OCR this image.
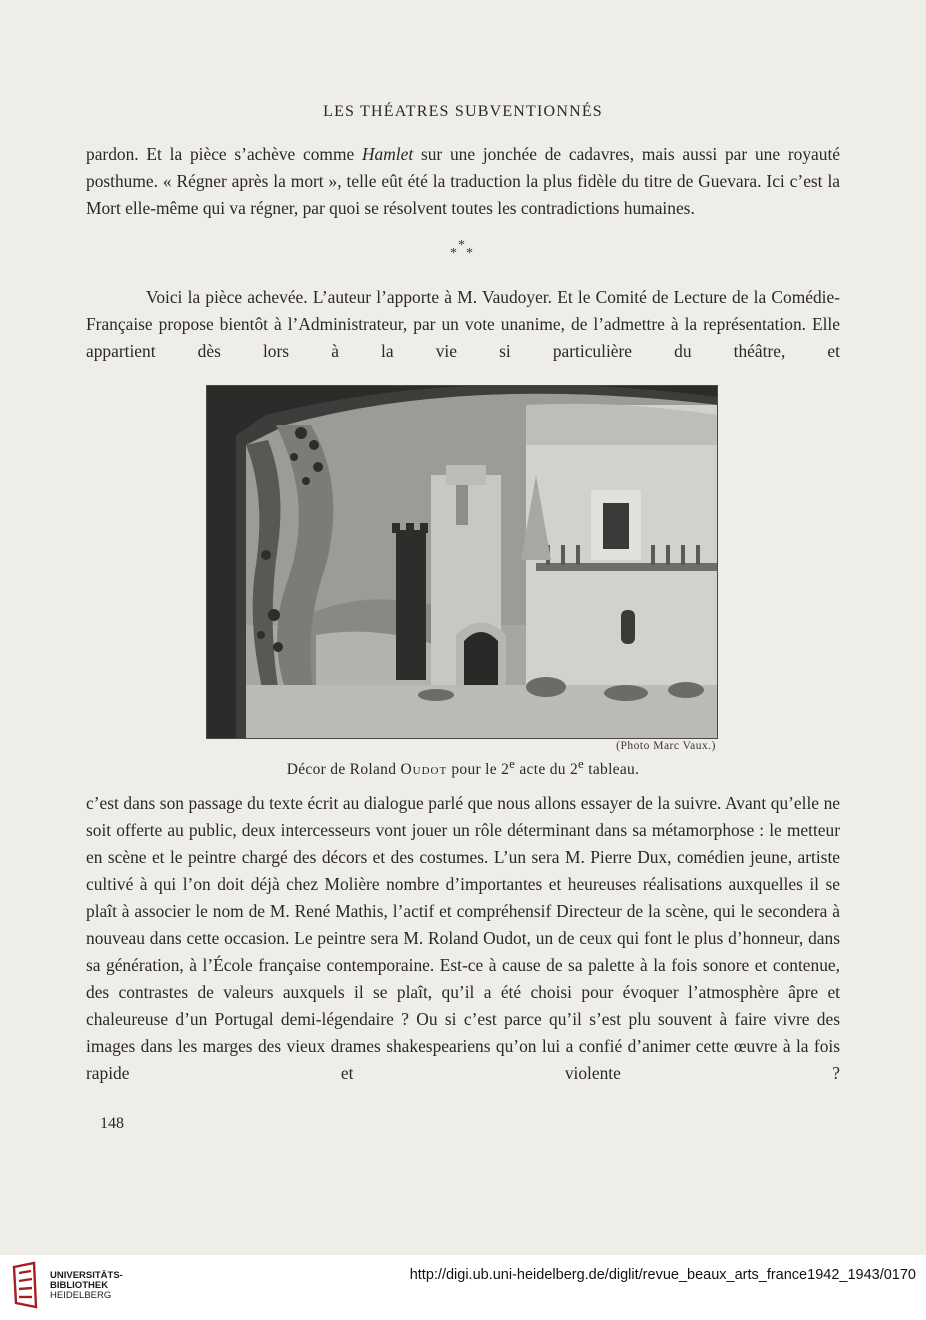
LES THÉATRES SUBVENTIONNÉS

pardon. Et la pièce s’achève comme Hamlet sur une jonchée de cadavres, mais aussi par une royauté posthume. « Régner après la mort », telle eût été la traduction la plus fidèle du titre de Guevara. Ici c’est la Mort elle-même qui va régner, par quoi se résolvent toutes les contradictions humaines.

*
* *

Voici la pièce achevée. L’auteur l’apporte à M. Vaudoyer. Et le Comité de Lecture de la Comédie-Française propose bientôt à l’Administrateur, par un vote unanime, de l’admettre à la représentation. Elle appartient dès lors à la vie si particulière du théâtre, et

(Photo Marc Vaux.)
Décor de Roland Oudot pour le 2e acte du 2e tableau.

c’est dans son passage du texte écrit au dialogue parlé que nous allons essayer de la suivre. Avant qu’elle ne soit offerte au public, deux intercesseurs vont jouer un rôle déterminant dans sa métamorphose : le metteur en scène et le peintre chargé des décors et des costumes. L’un sera M. Pierre Dux, comédien jeune, artiste cultivé à qui l’on doit déjà chez Molière nombre d’importantes et heureuses réalisations auxquelles il se plaît à associer le nom de M. René Mathis, l’actif et compréhensif Directeur de la scène, qui le secondera à nouveau dans cette occasion. Le peintre sera M. Roland Oudot, un de ceux qui font le plus d’honneur, dans sa génération, à l’École française contemporaine. Est-ce à cause de sa palette à la fois sonore et contenue, des contrastes de valeurs auxquels il se plaît, qu’il a été choisi pour évoquer l’atmosphère âpre et chaleureuse d’un Portugal demi-légendaire ? Ou si c’est parce qu’il s’est plu souvent à faire vivre des images dans les marges des vieux drames shakespeariens qu’on lui a confié d’animer cette œuvre à la fois rapide et violente ?

148
UNIVERSITÄTS-
BIBLIOTHEK
HEIDELBERG
http://digi.ub.uni-heidelberg.de/diglit/revue_beaux_arts_france1942_1943/0170
